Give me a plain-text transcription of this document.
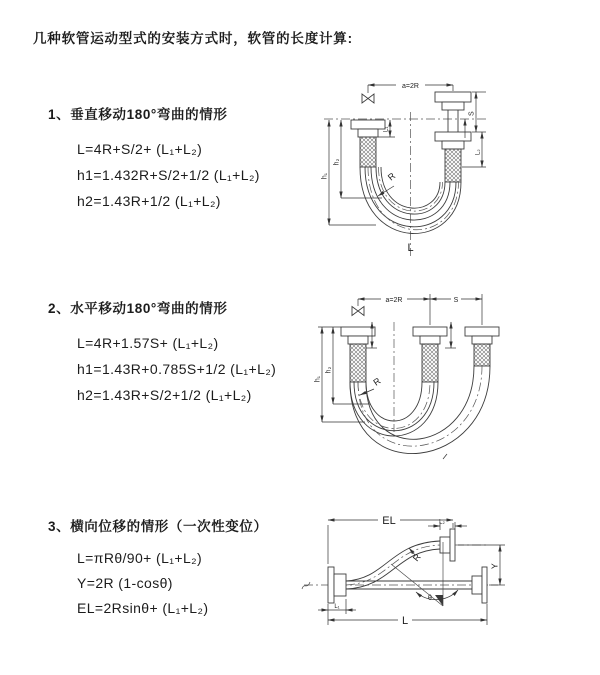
几种软管运动型式的安装方式时，软管的长度计算:
1、垂直移动180°弯曲的情形
L=4R+S/2+ (L₁+L₂)
h1=1.432R+S/2+1/2 (L₁+L₂)
h2=1.43R+1/2 (L₁+L₂)
2、水平移动180°弯曲的情形
L=4R+1.57S+ (L₁+L₂)
h1=1.43R+0.785S+1/2 (L₁+L₂)
h2=1.43R+S/2+1/2 (L₁+L₂)
3、横向位移的情形（一次性变位）
L=πRθ/90+ (L₁+L₂)
Y=2R (1-cosθ)
EL=2Rsinθ+ (L₁+L₂)
a=2R
h₁
h₂
L₁
S
L₂
R
L
a=2R	S
h₁
h₂
R
EL	L₂
Y
R
θ
L₁
L
